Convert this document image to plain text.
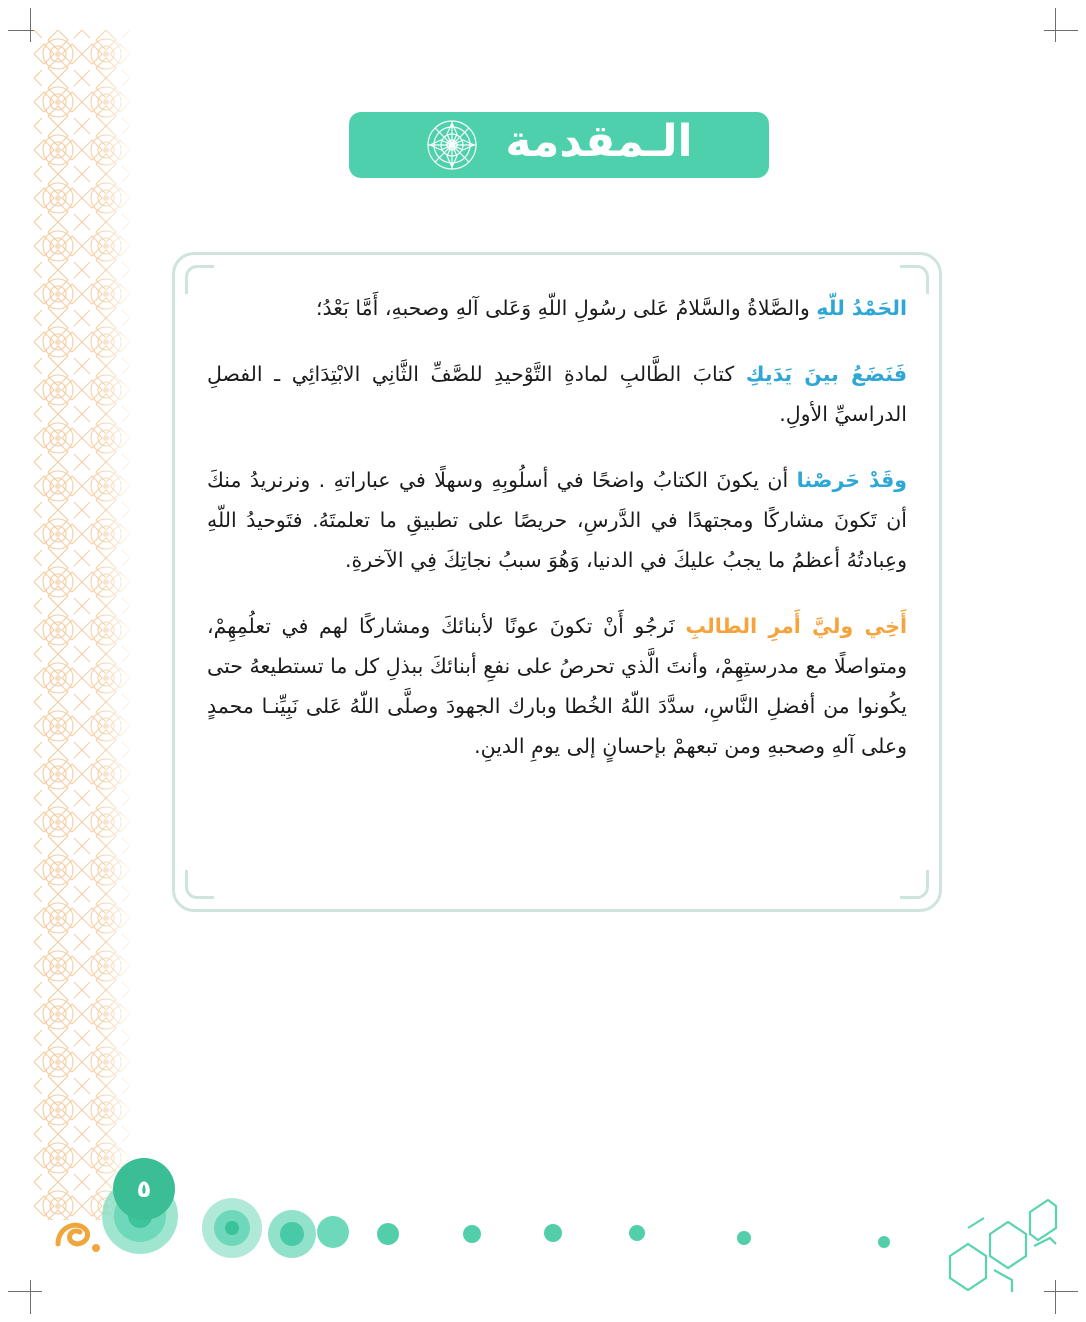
الـمقدمة

الحَمْدُ للّهِ والصَّلاةُ والسَّلامُ عَلى رسُولِ اللّهِ وَعَلى آلهِ وصحبهِ، أَمَّا بَعْدُ؛

فَنَضَعُ بينَ يَدَيكِ كتابَ الطَّالبِ لمادةِ التَّوْحيدِ للصَّفِّ الثَّانِي الابْتِدَائِي ـ الفصلِ الدراسيِّ الأولِ.

وقَدْ حَرصْنا أن يكونَ الكتابُ واضحًا في أسلُوبِهِ وسهلًا في عباراتهِ . ونرنريدُ منكَ أن تَكونَ مشاركًا ومجتهدًا في الدَّرسِ، حريصًا على تطبيقِ ما تعلمتَهُ. فتَوحيدُ اللّهِ وعِبادتُهُ أعظمُ ما يجبُ عليكَ في الدنيا، وَهُوَ سببُ نجاتِكَ فِي الآخرةِ.

أَخِي وليَّ أَمرِ الطالبِ نَرجُو أَنْ تكونَ عونًا لأبنائكَ ومشاركًا لهم في تعلُمِهِمْ، ومتواصلًا مع مدرستِهِمْ، وأنتَ الَّذي تحرصُ على نفعِ أبنائكَ ببذلِ كل ما تستطيعهُ حتى يكُونوا من أفضلِ النَّاسِ، سدَّدَ اللّهُ الخُطا وبارك الجهودَ وصلَّى اللّهُ عَلى نَبِيِّنـا محمدٍ وعلى آلهِ وصحبهِ ومن تبعهمْ بإحسانٍ إلى يومِ الدينِ.

٥
